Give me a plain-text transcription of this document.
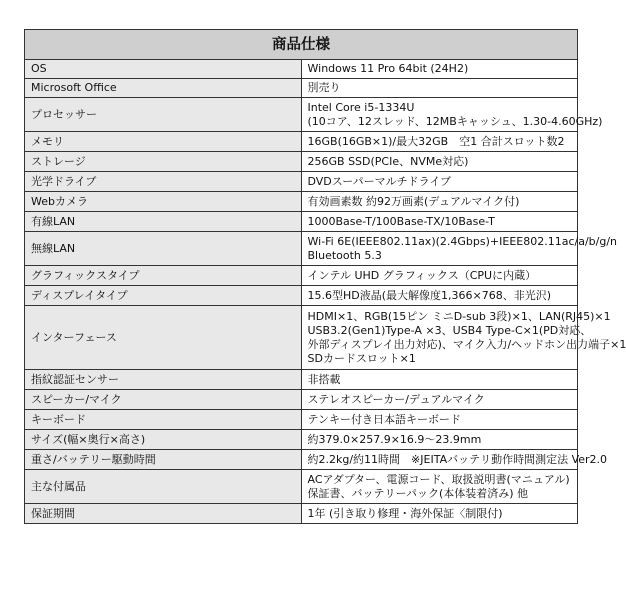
商品仕様	
OS	Windows 11 Pro 64bit (24H2)

Microsoft Office	別売り

プロセッサー	Intel Core i5-1334U
(10コア、12スレッド、12MBキャッシュ、1.30-4.60GHz)

メモリ	16GB(16GB×1)/最大32GB　空1 合計スロット数2

ストレージ	256GB SSD(PCIe、NVMe対応)

光学ドライブ	DVDスーパーマルチドライブ

Webカメラ	有効画素数 約92万画素(デュアルマイク付)

有線LAN	1000Base-T/100Base-TX/10Base-T

無線LAN	Wi-Fi 6E(IEEE802.11ax)(2.4Gbps)+IEEE802.11ac/a/b/g/n
Bluetooth 5.3

グラフィックスタイプ	インテル UHD グラフィックス（CPUに内蔵）

ディスプレイタイプ	15.6型HD液晶(最大解像度1,366×768、非光沢)

インターフェース	HDMI×1、RGB(15ピン ミニD-sub 3段)×1、LAN(RJ45)×1
USB3.2(Gen1)Type-A ×3、USB4 Type-C×1(PD対応、
外部ディスプレイ出力対応)、マイク入力/ヘッドホン出力端子×1
SDカードスロット×1

指紋認証センサー	非搭載

スピーカー/マイク	ステレオスピーカー/デュアルマイク

キーボード	テンキー付き日本語キーボード

サイズ(幅×奥行×高さ)	約379.0×257.9×16.9～23.9mm

重さ/バッテリー駆動時間	約2.2kg/約11時間　※JEITAバッテリ動作時間測定法 Ver2.0

主な付属品	ACアダプター、電源コード、取扱説明書(マニュアル)
保証書、バッテリーパック(本体装着済み) 他

保証期間	1年 (引き取り修理・海外保証〈制限付)
